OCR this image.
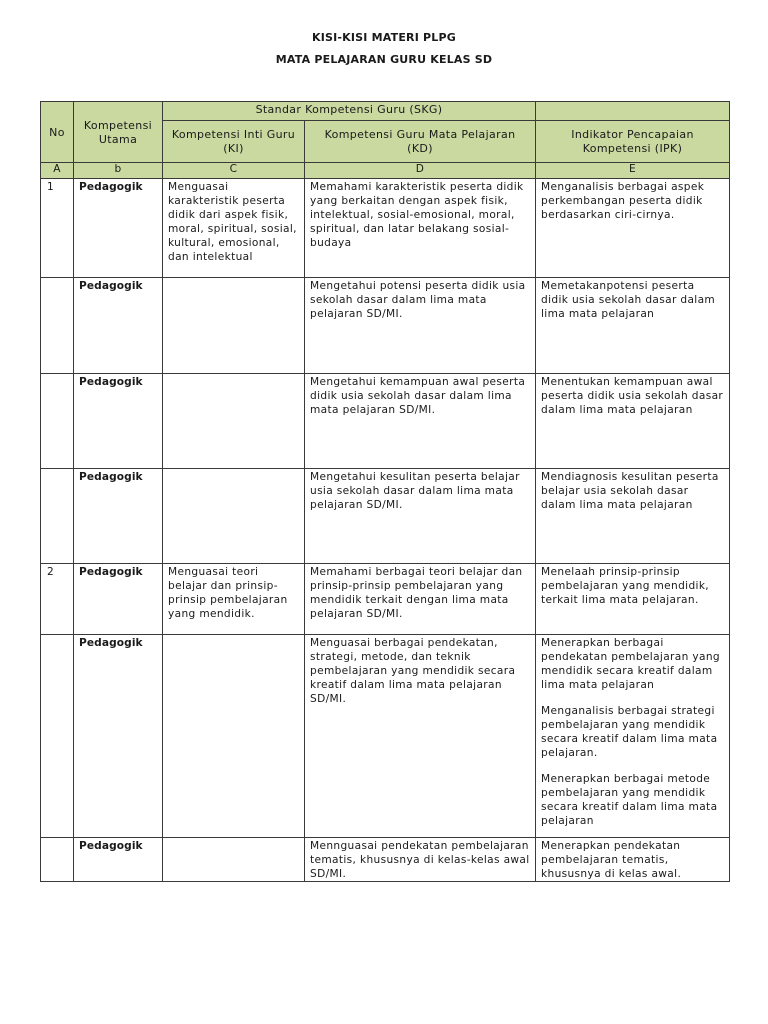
KISI-KISI MATERI PLPG
MATA PELAJARAN GURU KELAS SD
No	Kompetensi Utama	Standar Kompetensi Guru (SKG)		
		Kompetensi Inti Guru (KI)	Kompetensi Guru Mata Pelajaran (KD)	Indikator Pencapaian Kompetensi (IPK)
A	b	C	D	E
1	Pedagogik	Menguasai karakteristik peserta didik dari aspek fisik, moral, spiritual, sosial, kultural, emosional, dan intelektual	Memahami karakteristik peserta didik yang berkaitan dengan aspek fisik, intelektual, sosial-emosional, moral, spiritual, dan latar belakang sosial-budaya	Menganalisis berbagai aspek perkembangan peserta didik berdasarkan ciri-cirnya.

	Pedagogik		Mengetahui potensi peserta didik usia sekolah dasar dalam lima mata pelajaran SD/MI.	Memetakanpotensi peserta didik usia sekolah dasar dalam lima mata pelajaran

	Pedagogik		Mengetahui kemampuan awal peserta didik usia sekolah dasar dalam lima mata pelajaran SD/MI.	Menentukan kemampuan awal peserta didik usia sekolah dasar dalam lima mata pelajaran

	Pedagogik		Mengetahui kesulitan peserta belajar usia sekolah dasar dalam lima mata pelajaran SD/MI.	Mendiagnosis kesulitan peserta belajar usia sekolah dasar dalam lima mata pelajaran

2	Pedagogik	Menguasai teori belajar dan prinsip-prinsip pembelajaran yang mendidik.	Memahami berbagai teori belajar dan prinsip-prinsip pembelajaran yang mendidik terkait dengan lima mata pelajaran SD/MI.	Menelaah prinsip-prinsip pembelajaran yang mendidik, terkait lima mata pelajaran.

	Pedagogik		Menguasai berbagai pendekatan, strategi, metode, dan teknik pembelajaran yang mendidik secara kreatif dalam lima mata pelajaran SD/MI.	Menerapkan berbagai pendekatan pembelajaran yang mendidik secara kreatif dalam lima mata pelajaran

Menganalisis berbagai strategi pembelajaran yang mendidik secara kreatif dalam lima mata pelajaran.

Menerapkan berbagai metode pembelajaran yang mendidik secara kreatif dalam lima mata pelajaran

	Pedagogik		Mennguasai pendekatan pembelajaran tematis, khususnya di kelas-kelas awal SD/MI.	Menerapkan pendekatan pembelajaran tematis, khususnya di kelas awal.
